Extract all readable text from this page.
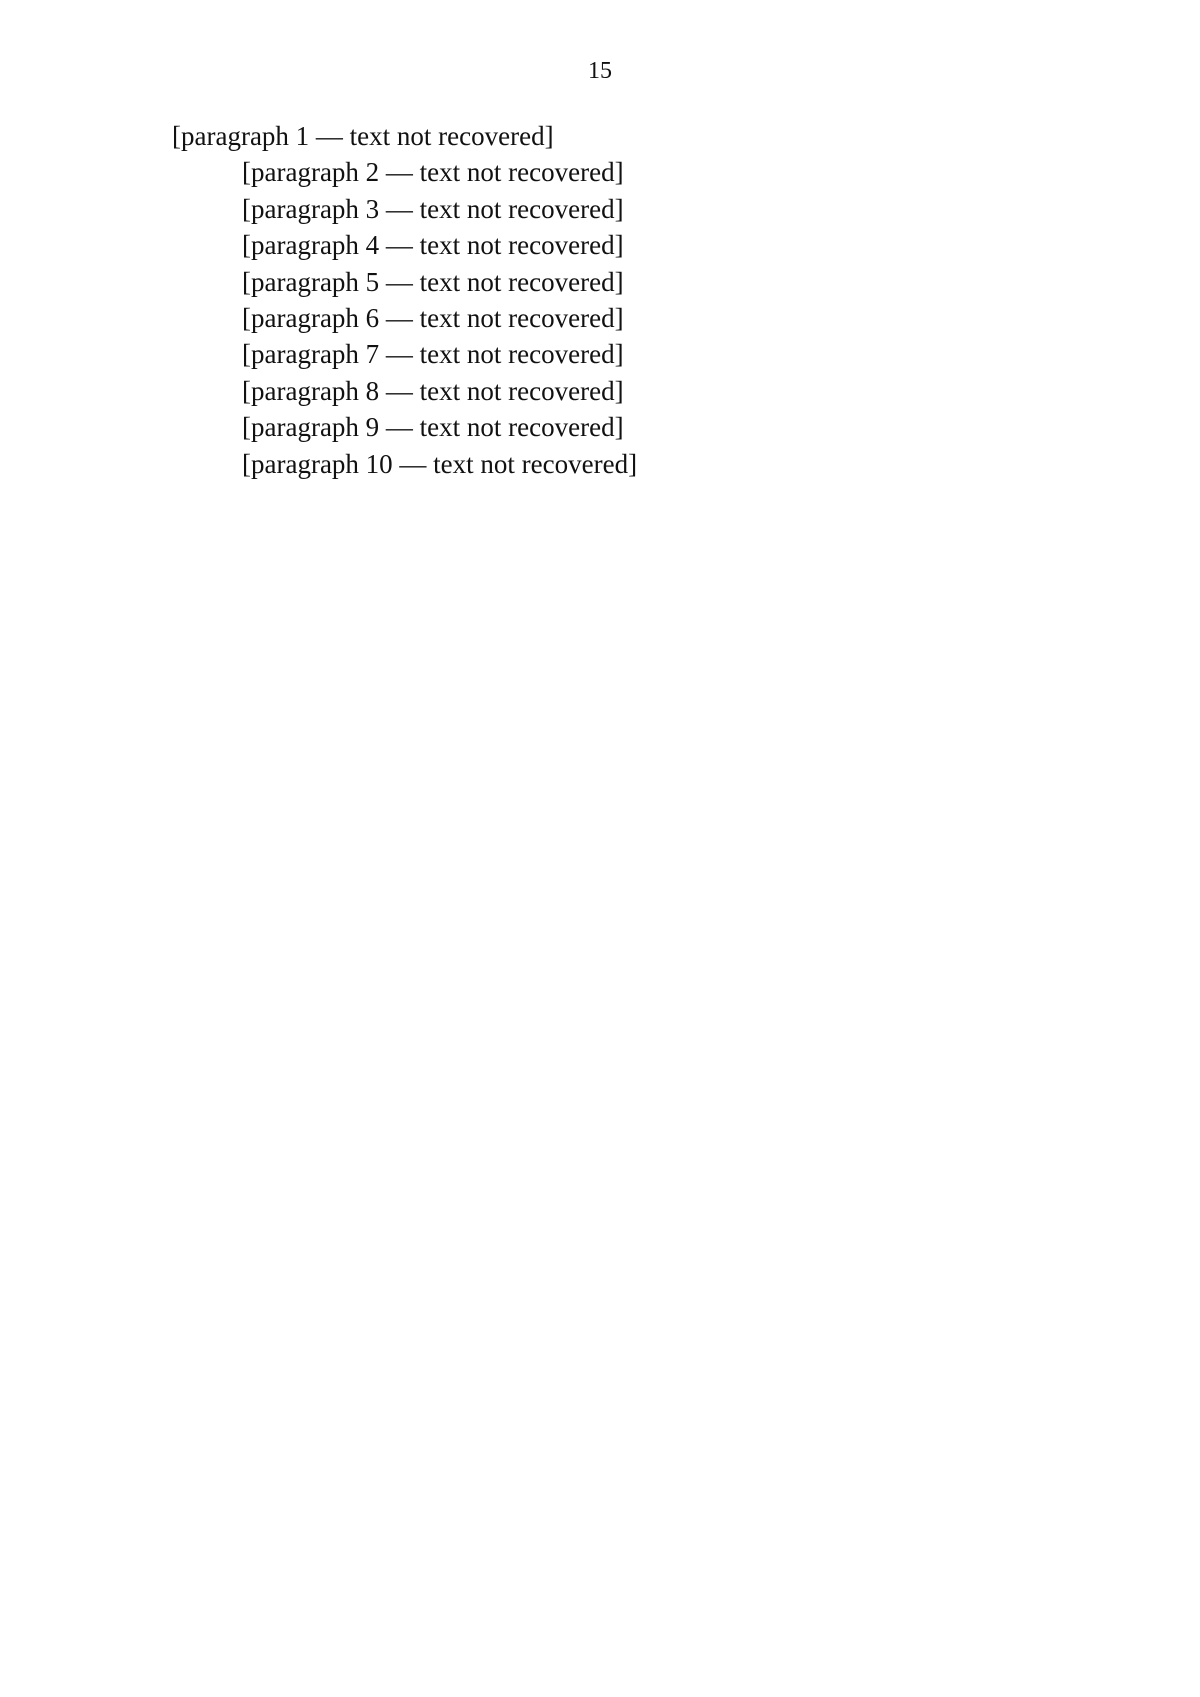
15

[paragraph 1 — text not recovered]

[paragraph 2 — text not recovered]

[paragraph 3 — text not recovered]

[paragraph 4 — text not recovered]

[paragraph 5 — text not recovered]

[paragraph 6 — text not recovered]

[paragraph 7 — text not recovered]

[paragraph 8 — text not recovered]

[paragraph 9 — text not recovered]

[paragraph 10 — text not recovered]
